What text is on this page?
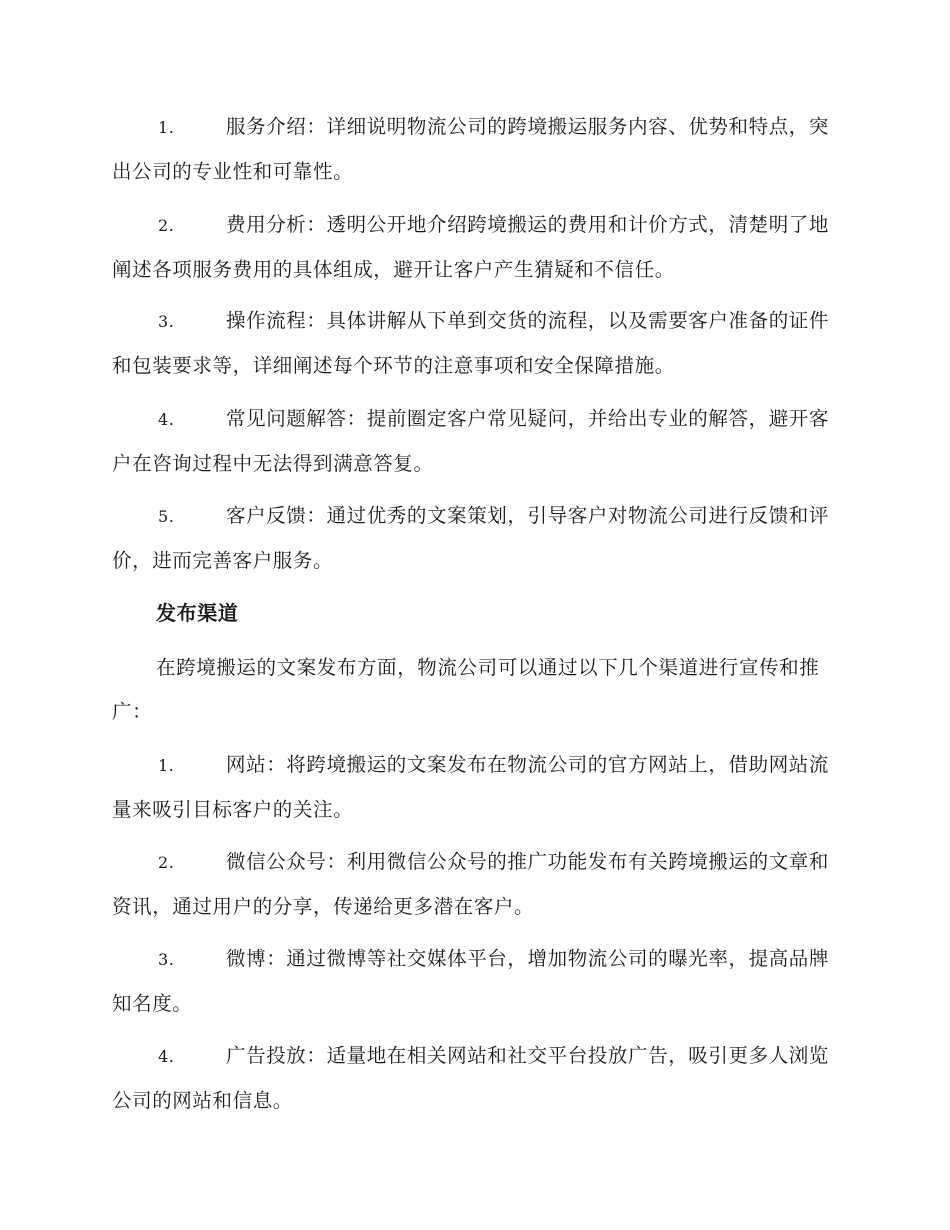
1.	服务介绍：详细说明物流公司的跨境搬运服务内容、优势和特点，突出公司的专业性和可靠性。
2.	费用分析：透明公开地介绍跨境搬运的费用和计价方式，清楚明了地阐述各项服务费用的具体组成，避开让客户产生猜疑和不信任。
3.	操作流程：具体讲解从下单到交货的流程，以及需要客户准备的证件和包装要求等，详细阐述每个环节的注意事项和安全保障措施。
4.	常见问题解答：提前圈定客户常见疑问，并给出专业的解答，避开客户在咨询过程中无法得到满意答复。
5.	客户反馈：通过优秀的文案策划，引导客户对物流公司进行反馈和评价，进而完善客户服务。
发布渠道
在跨境搬运的文案发布方面，物流公司可以通过以下几个渠道进行宣传和推广：
1.	网站：将跨境搬运的文案发布在物流公司的官方网站上，借助网站流量来吸引目标客户的关注。
2.	微信公众号：利用微信公众号的推广功能发布有关跨境搬运的文章和资讯，通过用户的分享，传递给更多潜在客户。
3.	微博：通过微博等社交媒体平台，增加物流公司的曝光率，提高品牌知名度。
4.	广告投放：适量地在相关网站和社交平台投放广告，吸引更多人浏览公司的网站和信息。
